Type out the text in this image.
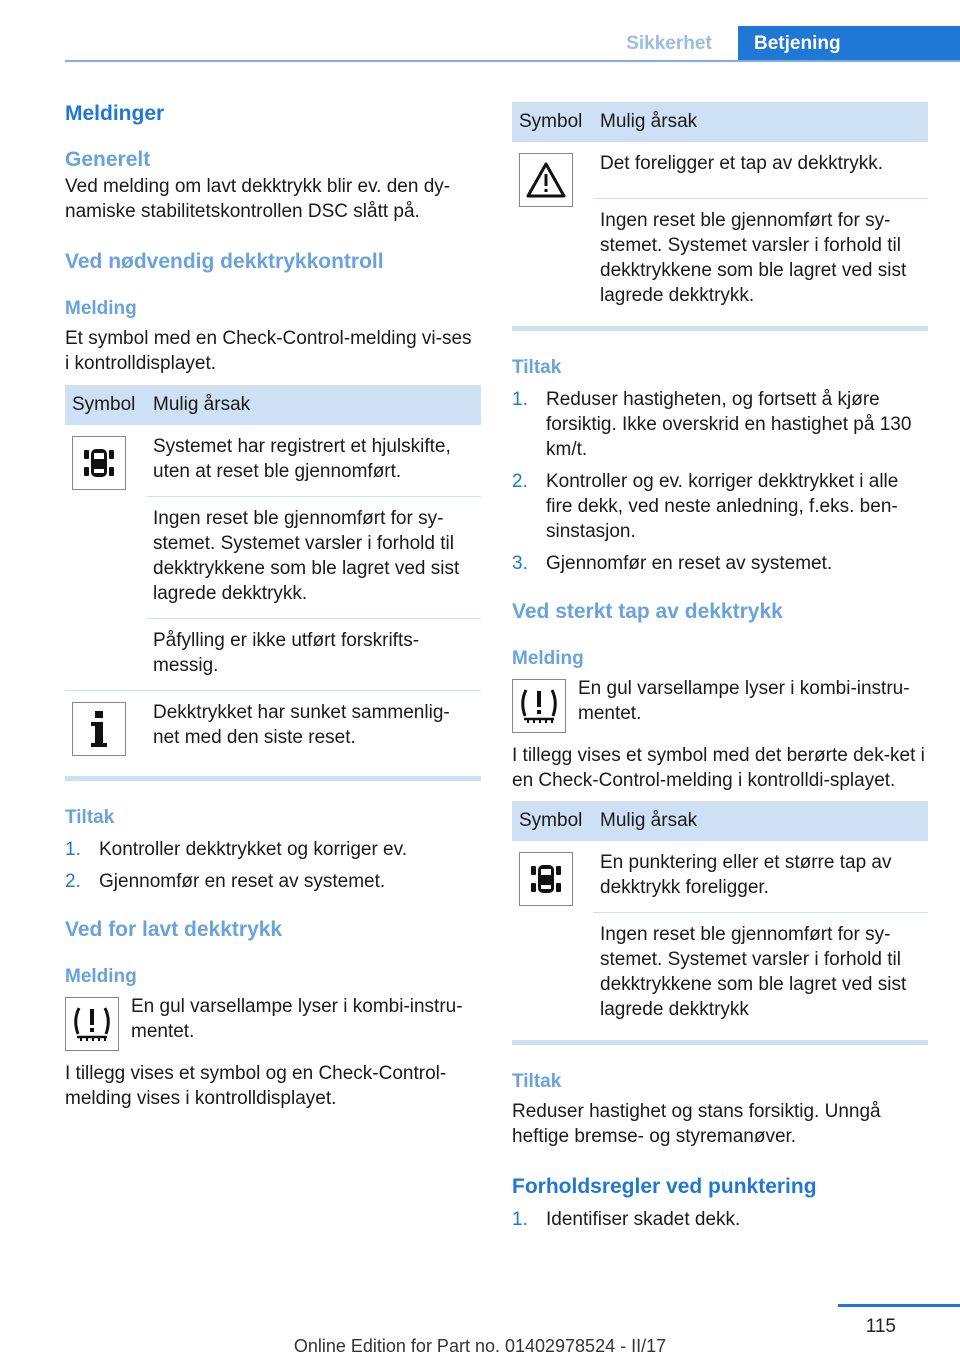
Sikkerhet	Betjening
Meldinger
Generelt

Ved melding om lavt dekktrykk blir ev. den dy-namiske stabilitetskontrollen DSC slått på.

Ved nødvendig dekktrykkontroll
Melding

Et symbol med en Check-Control-melding vi-ses i kontrolldisplayet.

Symbol	Mulig årsak

	Systemet har registrert et hjulskifte, uten at reset ble gjennomført.
	Ingen reset ble gjennomført for sy-stemet. Systemet varsler i forhold til dekktrykkene som ble lagret ved sist lagrede dekktrykk.
	Påfylling er ikke utført forskrifts-messig.

	Dekktrykket har sunket sammenlig-net med den siste reset.
Tiltak
1. Kontroller dekktrykket og korriger ev.
2. Gjennomfør en reset av systemet.
Ved for lavt dekktrykk
Melding

En gul varsellampe lyser i kombi-instru-mentet.

I tillegg vises et symbol og en Check-Control-melding vises i kontrolldisplayet.

Symbol	Mulig årsak

	Det foreligger et tap av dekktrykk.
	Ingen reset ble gjennomført for sy-stemet. Systemet varsler i forhold til dekktrykkene som ble lagret ved sist lagrede dekktrykk.
Tiltak
1. Reduser hastigheten, og fortsett å kjøre forsiktig. Ikke overskrid en hastighet på 130 km/t.
2. Kontroller og ev. korriger dekktrykket i alle fire dekk, ved neste anledning, f.eks. ben-sinstasjon.
3. Gjennomfør en reset av systemet.
Ved sterkt tap av dekktrykk
Melding

En gul varsellampe lyser i kombi-instru-mentet.

I tillegg vises et symbol med det berørte dek-ket i en Check-Control-melding i kontrolldi-splayet.

Symbol	Mulig årsak

	En punktering eller et større tap av dekktrykk foreligger.
	Ingen reset ble gjennomført for sy-stemet. Systemet varsler i forhold til dekktrykkene som ble lagret ved sist lagrede dekktrykk
Tiltak

Reduser hastighet og stans forsiktig. Unngå heftige bremse- og styremanøver.

Forholdsregler ved punktering
1. Identifiser skadet dekk.
115
Online Edition for Part no. 01402978524 - II/17
